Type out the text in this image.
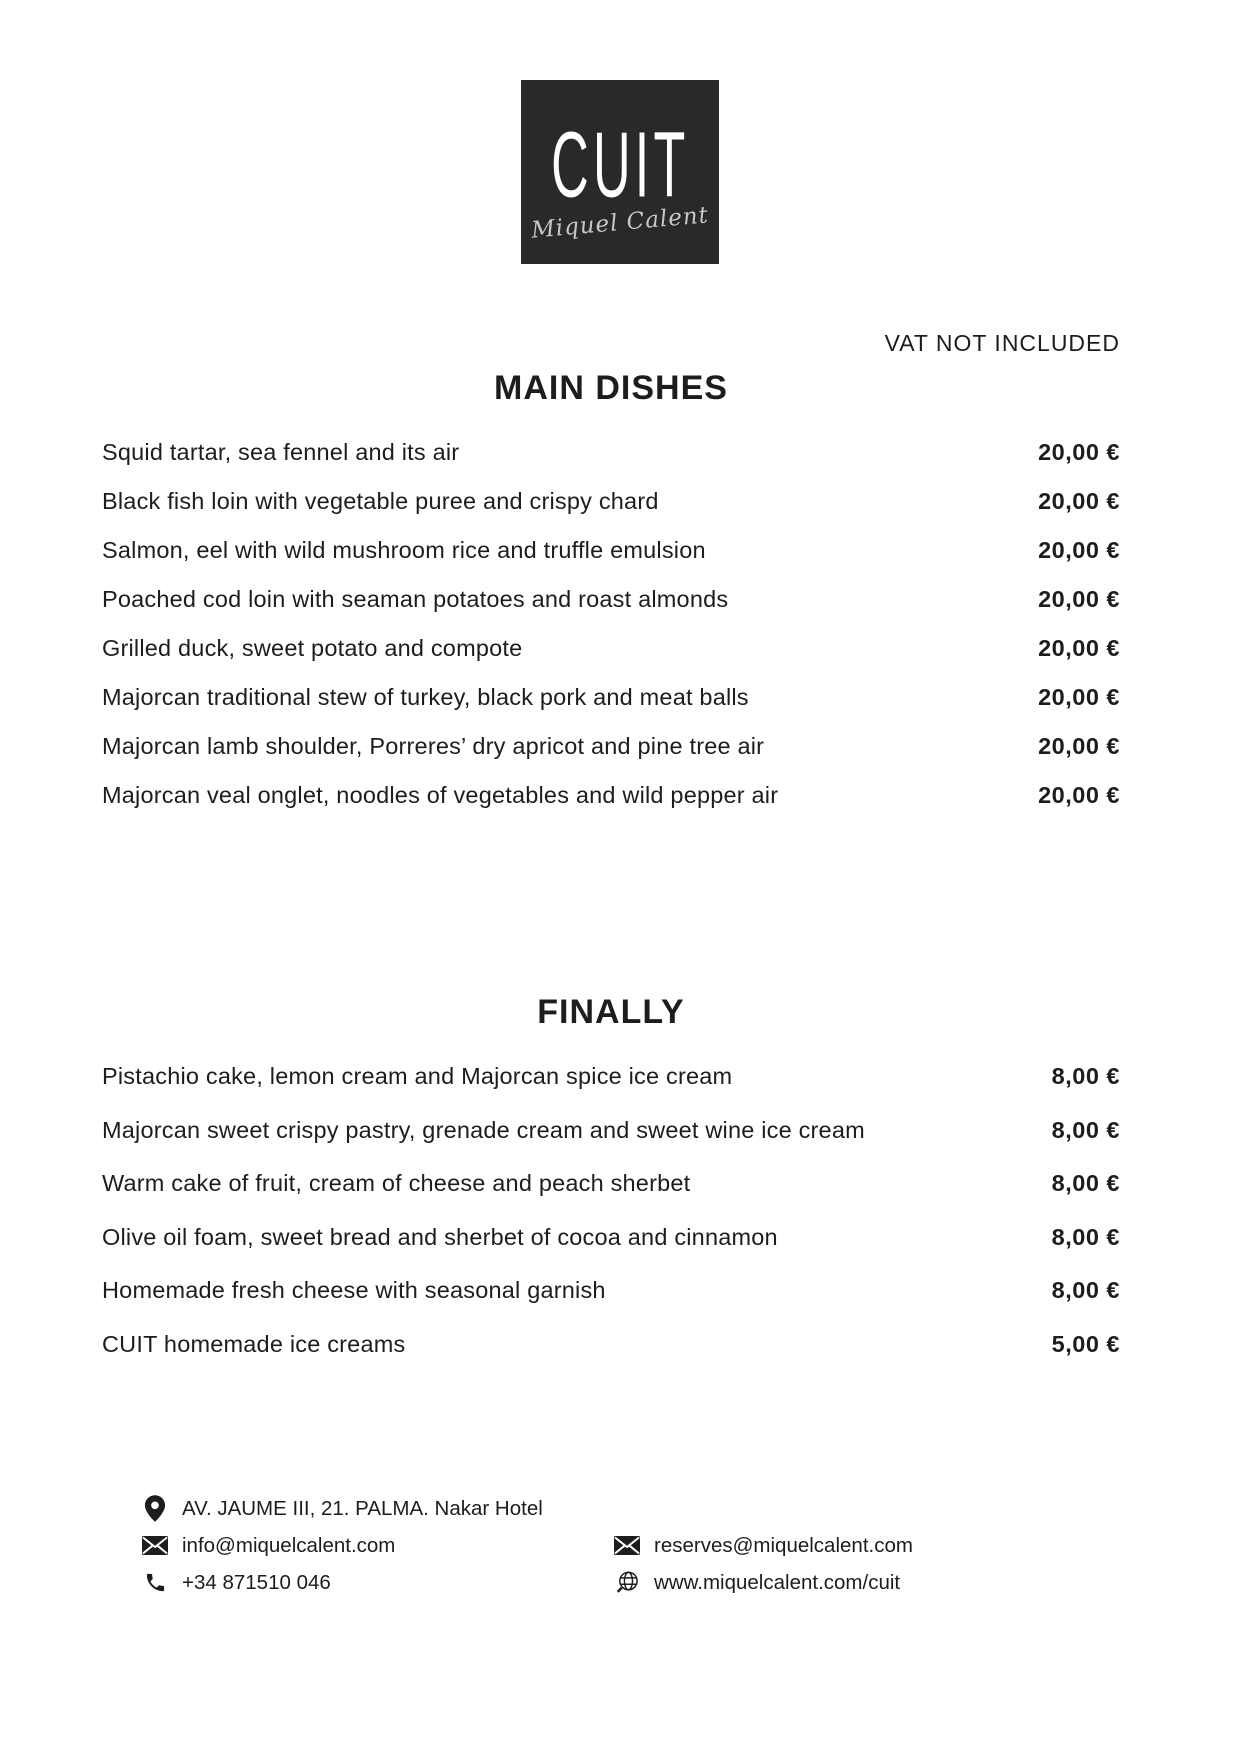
CUIT
Miquel Calent
VAT NOT INCLUDED
MAIN DISHES
Squid tartar, sea fennel and its air	20,00 €
Black fish loin with vegetable puree and crispy chard	20,00 €
Salmon, eel with wild mushroom rice and truffle emulsion	20,00 €
Poached cod loin with seaman potatoes and roast almonds	20,00 €
Grilled duck, sweet potato and compote	20,00 €
Majorcan traditional stew of turkey, black pork and meat balls	20,00 €
Majorcan lamb shoulder, Porreres’ dry apricot and pine tree air	20,00 €
Majorcan veal onglet, noodles of vegetables and wild pepper air	20,00 €
FINALLY
Pistachio cake, lemon cream and Majorcan spice ice cream	8,00 €
Majorcan sweet crispy pastry, grenade cream and sweet wine ice cream	8,00 €
Warm cake of fruit, cream of cheese and peach sherbet	8,00 €
Olive oil foam, sweet bread and sherbet of cocoa and cinnamon	8,00 €
Homemade fresh cheese with seasonal garnish	8,00 €
CUIT homemade ice creams	5,00 €
AV. JAUME III, 21. PALMA. Nakar Hotel
info@miquelcalent.com
+34 871510 046
reserves@miquelcalent.com
www.miquelcalent.com/cuit
